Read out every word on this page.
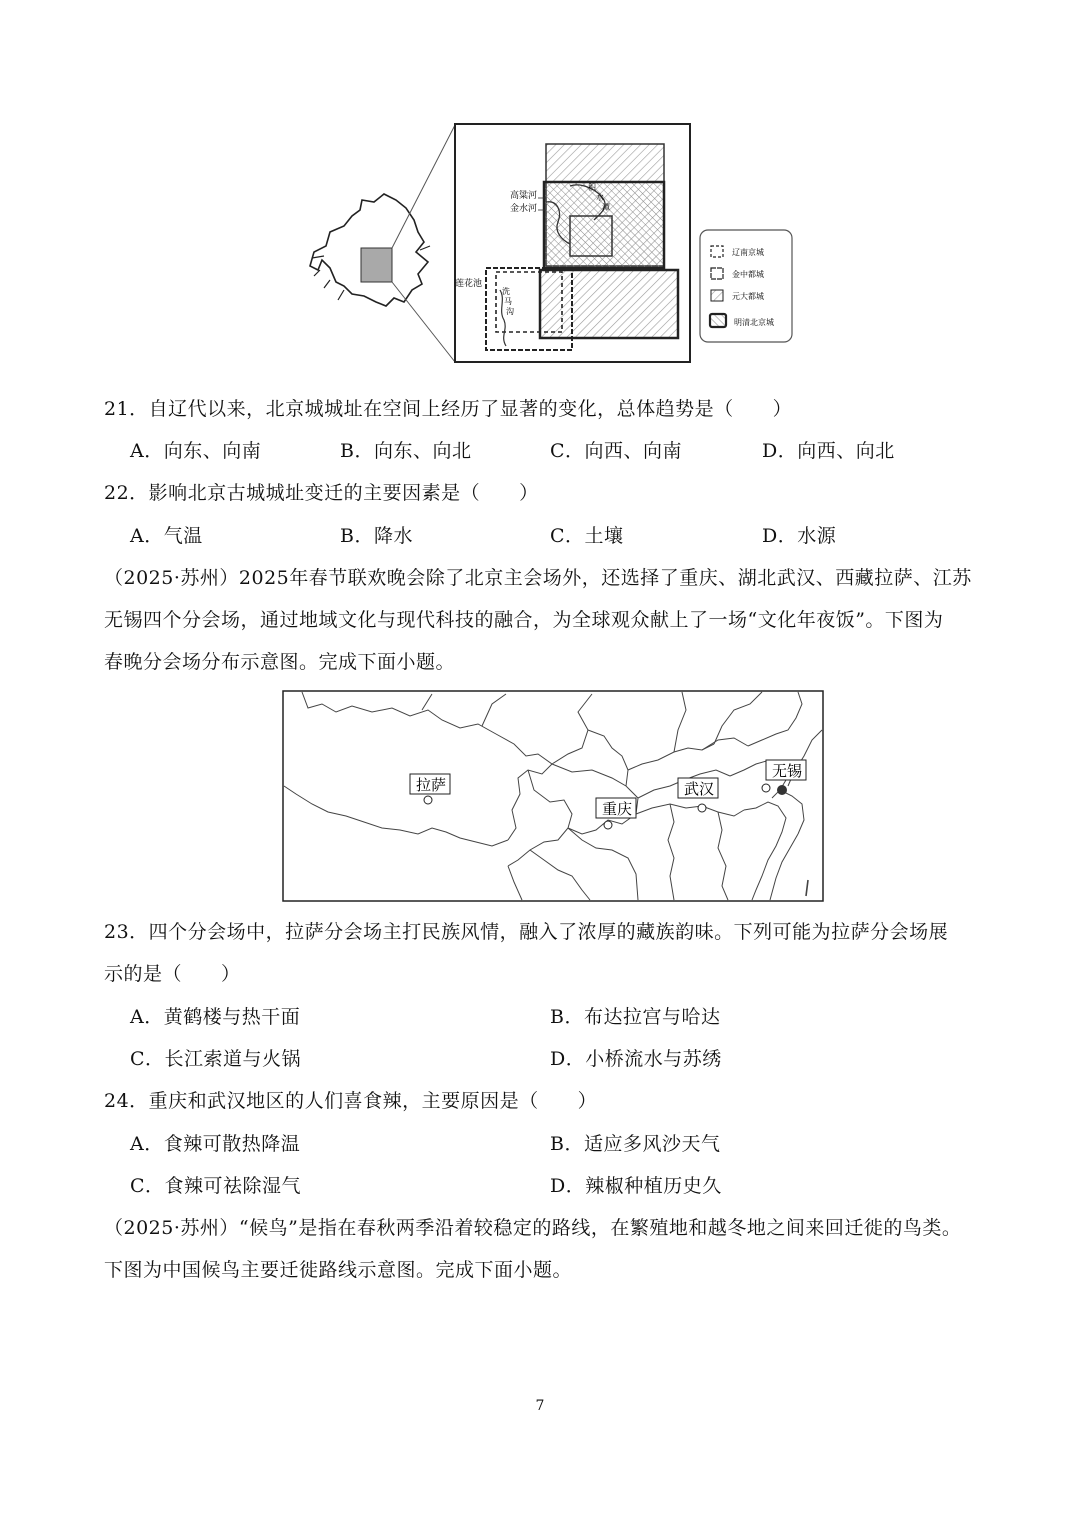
高粱河
金水河
积
水
潭
莲花池
洗
马
沟
辽南京城
金中都城
元大都城
明清北京城
21．自辽代以来，北京城城址在空间上经历了显著的变化，总体趋势是（　　）
A．向东、向南	B．向东、向北	C．向西、向南	D．向西、向北
22．影响北京古城城址变迁的主要因素是（　　）
A．气温	B．降水	C．土壤	D．水源
（2025·苏州）2025年春节联欢晚会除了北京主会场外，还选择了重庆、湖北武汉、西藏拉萨、江苏
无锡四个分会场，通过地域文化与现代科技的融合，为全球观众献上了一场“文化年夜饭”。下图为
春晚分会场分布示意图。完成下面小题。
拉萨
重庆
武汉
无锡
23．四个分会场中，拉萨分会场主打民族风情，融入了浓厚的藏族韵味。下列可能为拉萨分会场展
示的是（　　）
A．黄鹤楼与热干面	B．布达拉宫与哈达
C．长江索道与火锅	D．小桥流水与苏绣
24．重庆和武汉地区的人们喜食辣，主要原因是（　　）
A．食辣可散热降温	B．适应多风沙天气
C．食辣可祛除湿气	D．辣椒种植历史久
（2025·苏州）“候鸟”是指在春秋两季沿着较稳定的路线，在繁殖地和越冬地之间来回迁徙的鸟类。
下图为中国候鸟主要迁徙路线示意图。完成下面小题。
7
